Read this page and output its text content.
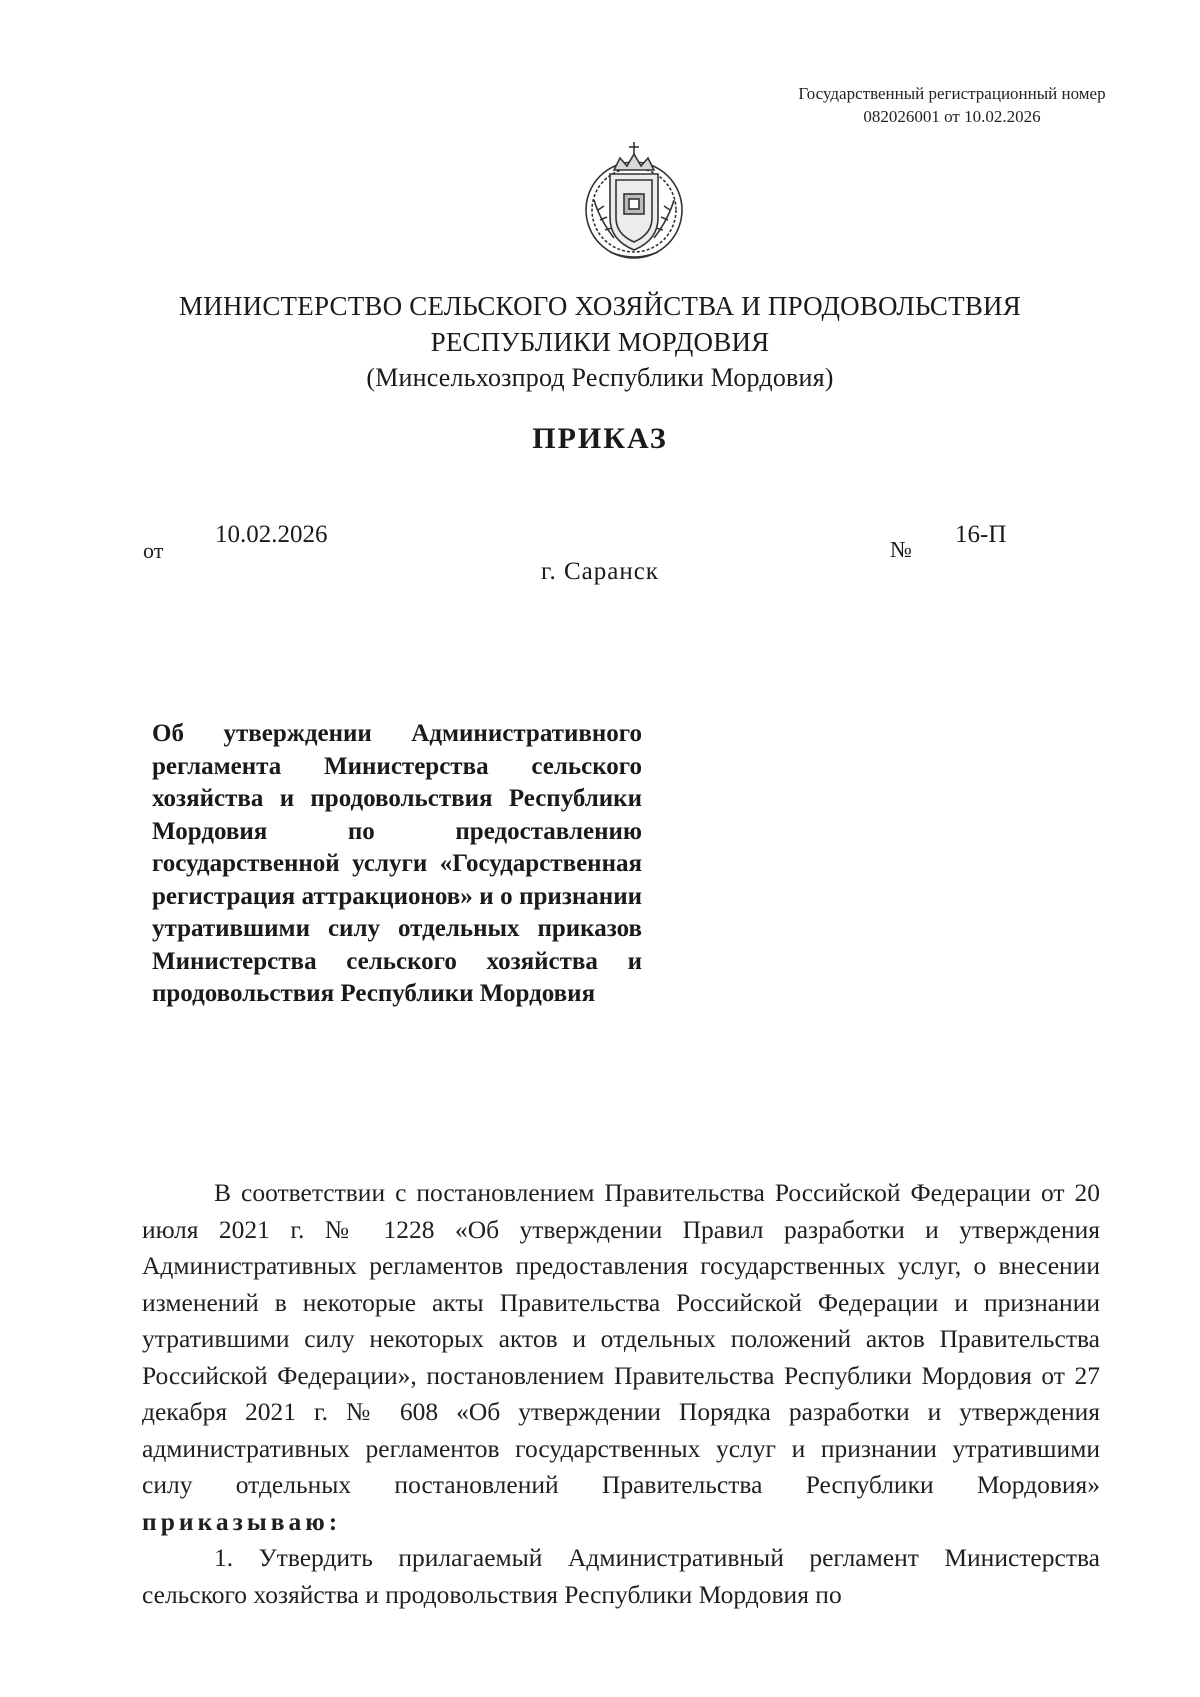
Государственный регистрационный номер
082026001 от 10.02.2026
МИНИСТЕРСТВО СЕЛЬСКОГО ХОЗЯЙСТВА И ПРОДОВОЛЬСТВИЯ
РЕСПУБЛИКИ МОРДОВИЯ
(Минсельхозпрод Республики Мордовия)
ПРИКАЗ
от
10.02.2026
№
16-П
г. Саранск
Об утверждении Административного регламента Министерства сельского хозяйства и продовольствия Республики Мордовия по предоставлению государственной услуги «Государственная регистрация аттракционов» и о признании утратившими силу отдельных приказов Министерства сельского хозяйства и продовольствия Республики Мордовия

В соответствии с постановлением Правительства Российской Федерации от 20 июля 2021 г. № 1228 «Об утверждении Правил разработки и утверждения Административных регламентов предоставления государственных услуг, о внесении изменений в некоторые акты Правительства Российской Федерации и признании утратившими силу некоторых актов и отдельных положений актов Правительства Российской Федерации», постановлением Правительства Республики Мордовия от 27 декабря 2021 г. № 608 «Об утверждении Порядка разработки и утверждения административных регламентов государственных услуг и признании утратившими силу отдельных постановлений Правительства Республики Мордовия» приказываю:

1. Утвердить прилагаемый Административный регламент Министерства сельского хозяйства и продовольствия Республики Мордовия по
